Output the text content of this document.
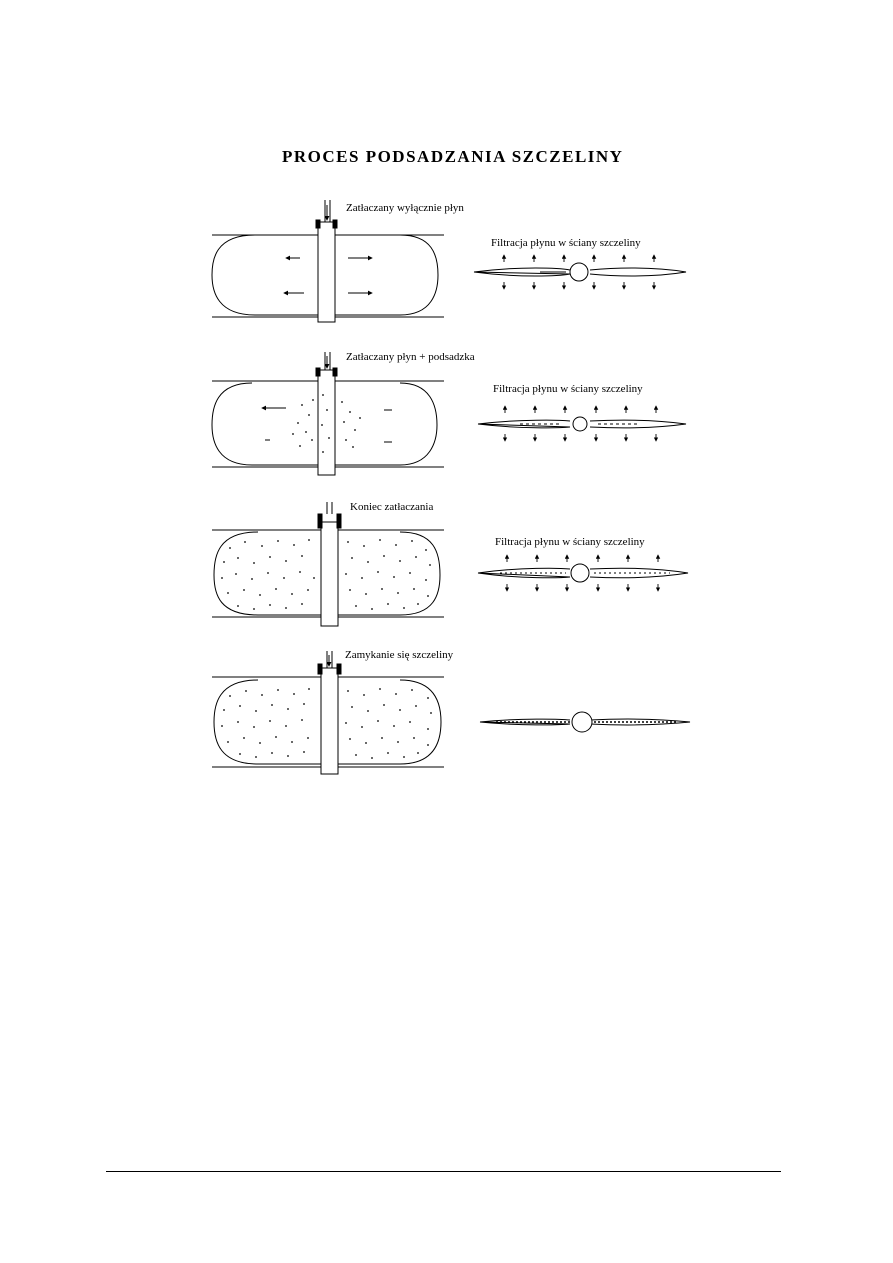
PROCES PODSADZANIA SZCZELINY
Zatłaczany wyłącznie płyn
Filtracja płynu w ściany szczeliny
Zatłaczany płyn + podsadzka
Filtracja płynu w ściany szczeliny
Koniec zatłaczania
Filtracja płynu w ściany szczeliny
Zamykanie się szczeliny
